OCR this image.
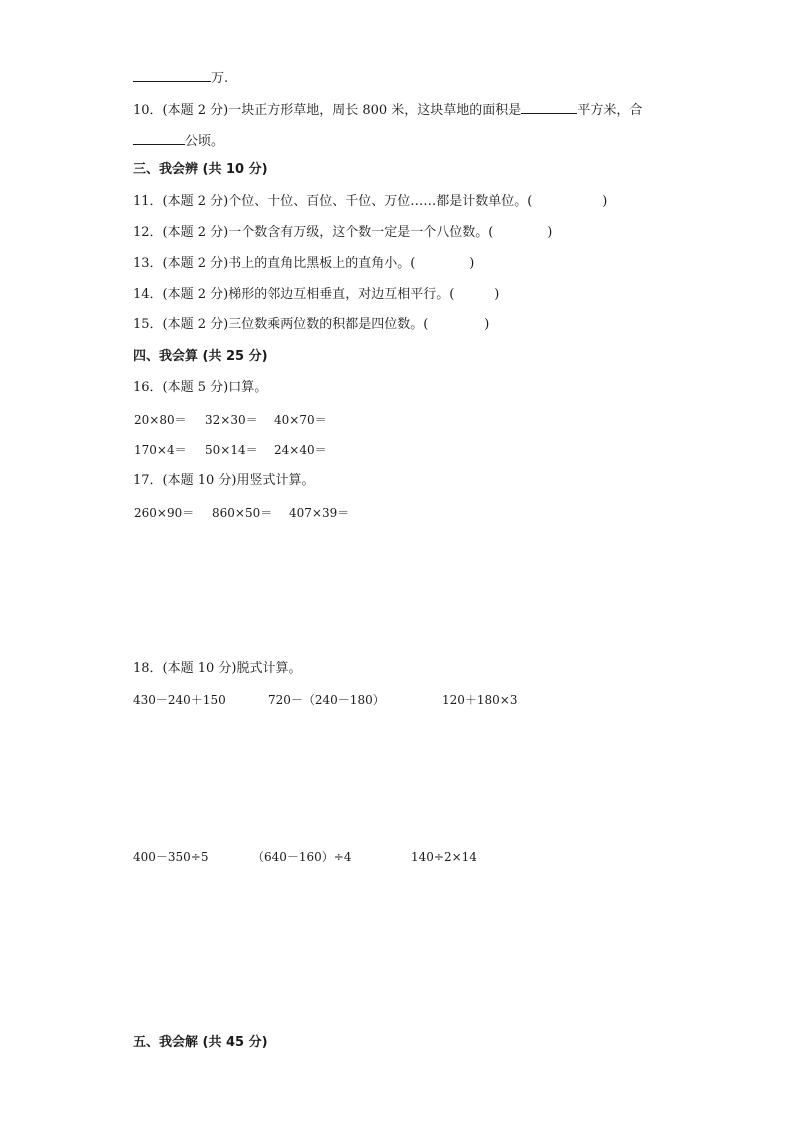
万.
10．(本题 2 分)一块正方形草地，周长 800 米，这块草地的面积是	平方米，合
公顷。
三、我会辨 (共 10 分)
11．(本题 2 分)个位、十位、百位、千位、万位……都是计数单位。(	)
12．(本题 2 分)一个数含有万级，这个数一定是一个八位数。(	)
13．(本题 2 分)书上的直角比黑板上的直角小。(	)
14．(本题 2 分)梯形的邻边互相垂直，对边互相平行。(	)
15．(本题 2 分)三位数乘两位数的积都是四位数。(	)
四、我会算 (共 25 分)
16．(本题 5 分)口算。
20×80＝ 32×30＝ 40×70＝
170×4＝ 50×14＝ 24×40＝
17．(本题 10 分)用竖式计算。
260×90＝ 860×50＝ 407×39＝
18．(本题 10 分)脱式计算。
430－240＋150	720－（240－180）	120＋180×3
400－350÷5	（640－160）÷4	140÷2×14
五、我会解 (共 45 分)
